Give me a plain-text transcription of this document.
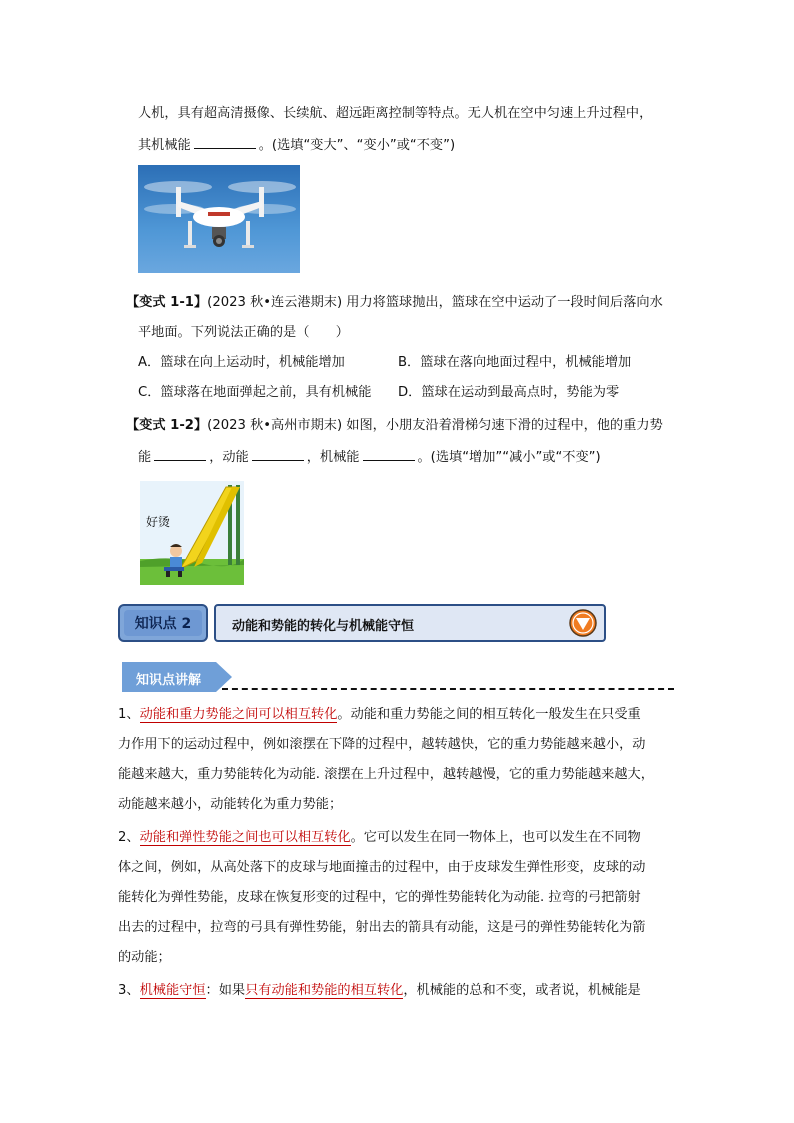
人机，具有超高清摄像、长续航、超远距离控制等特点。无人机在空中匀速上升过程中，
其机械能	。(选填“变大”、“变小”或“不变”)
【变式 1-1】(2023 秋•连云港期末) 用力将篮球抛出，篮球在空中运动了一段时间后落向水
平地面。下列说法正确的是（　　）
A．篮球在向上运动时，机械能增加	B．篮球在落向地面过程中，机械能增加
C．篮球落在地面弹起之前，具有机械能 D．篮球在运动到最高点时，势能为零
【变式 1-2】(2023 秋•高州市期末) 如图，小朋友沿着滑梯匀速下滑的过程中，他的重力势
能	，动能	，机械能	。(选填“增加”“减小”或“不变”)
好烫
知识点 2	动能和势能的转化与机械能守恒
知识点讲解
1、动能和重力势能之间可以相互转化。动能和重力势能之间的相互转化一般发生在只受重
力作用下的运动过程中，例如滚摆在下降的过程中，越转越快，它的重力势能越来越小，动
能越来越大，重力势能转化为动能. 滚摆在上升过程中，越转越慢，它的重力势能越来越大，
动能越来越小，动能转化为重力势能；
2、动能和弹性势能之间也可以相互转化。它可以发生在同一物体上，也可以发生在不同物
体之间，例如，从高处落下的皮球与地面撞击的过程中，由于皮球发生弹性形变，皮球的动
能转化为弹性势能，皮球在恢复形变的过程中，它的弹性势能转化为动能. 拉弯的弓把箭射
出去的过程中，拉弯的弓具有弹性势能，射出去的箭具有动能，这是弓的弹性势能转化为箭
的动能；
3、机械能守恒：如果只有动能和势能的相互转化，机械能的总和不变，或者说，机械能是
